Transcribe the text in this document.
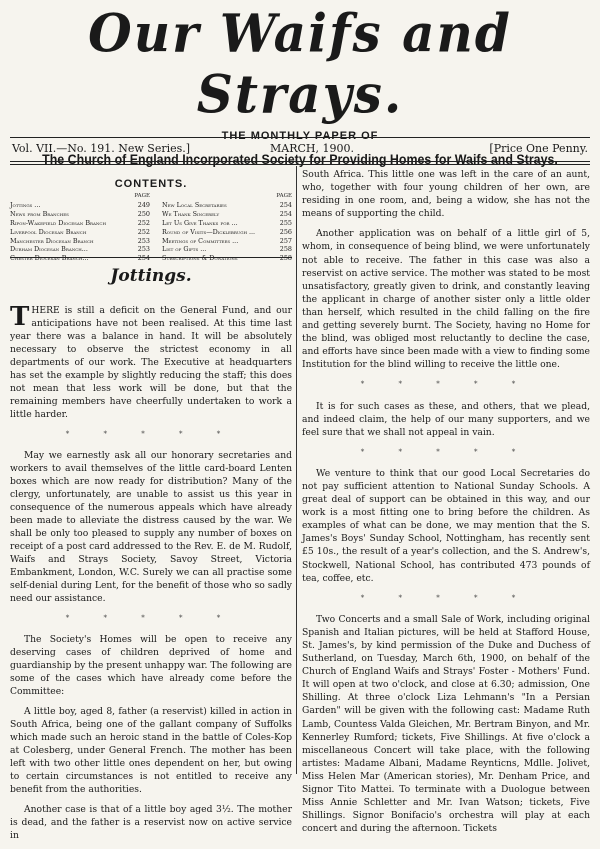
Our Waifs and Strays.
THE MONTHLY PAPER OF
The Church of England Incorporated Society for Providing Homes for Waifs and Strays.
Vol. VII.—No. 191. New Series.]	MARCH, 1900.	[Price One Penny.
CONTENTS.
PAGE
Jottings ...	249
News from Branches	250
Ripon-Wakefield Diocesan Branch	252
Liverpool Diocesan Branch	252
Manchester Diocesan Branch	253
Durham Diocesan Branch...	253
Chester Diocesan Branch...	254
PAGE
New Local Secretaries	254
We Thank Sincerely	254
Let Us Give Thanks for ...	255
Round of Visits—Dicklebrugh ...	256
Meetings of Committees ...	257
List of Gifts ...	258
Subscriptions & Donations	258
Jottings.

THERE is still a deficit on the General Fund, and our anticipations have not been realised. At this time last year there was a balance in hand. It will be absolutely necessary to observe the strictest economy in all departments of our work. The Executive at headquarters has set the example by slightly reducing the staff; this does not mean that less work will be done, but that the remaining members have cheerfully undertaken to work a little harder.

* * * * *

May we earnestly ask all our honorary secretaries and workers to avail themselves of the little card-board Lenten boxes which are now ready for distribution? Many of the clergy, unfortunately, are unable to assist us this year in consequence of the numerous appeals which have already been made to alleviate the distress caused by the war. We shall be only too pleased to supply any number of boxes on receipt of a post card addressed to the Rev. E. de M. Rudolf, Waifs and Strays Society, Savoy Street, Victoria Embankment, London, W.C. Surely we can all practise some self-denial during Lent, for the benefit of those who so sadly need our assistance.

* * * * *

The Society's Homes will be open to receive any deserving cases of children deprived of home and guardianship by the present unhappy war. The following are some of the cases which have already come before the Committee:

A little boy, aged 8, father (a reservist) killed in action in South Africa, being one of the gallant company of Suffolks which made such an heroic stand in the battle of Coles-Kop at Colesberg, under General French. The mother has been left with two other little ones dependent on her, but owing to certain circumstances is not entitled to receive any benefit from the authorities.

Another case is that of a little boy aged 3½. The mother is dead, and the father is a reservist now on active service in

South Africa. This little one was left in the care of an aunt, who, together with four young children of her own, are residing in one room, and, being a widow, she has not the means of supporting the child.

Another application was on behalf of a little girl of 5, whom, in consequence of being blind, we were unfortunately not able to receive. The father in this case was also a reservist on active service. The mother was stated to be most unsatisfactory, greatly given to drink, and constantly leaving the applicant in charge of another sister only a little older than herself, which resulted in the child falling on the fire and getting severely burnt. The Society, having no Home for the blind, was obliged most reluctantly to decline the case, and efforts have since been made with a view to finding some Institution for the blind willing to receive the little one.

* * * * *

It is for such cases as these, and others, that we plead, and indeed claim, the help of our many supporters, and we feel sure that we shall not appeal in vain.

* * * * *

We venture to think that our good Local Secretaries do not pay sufficient attention to National Sunday Schools. A great deal of support can be obtained in this way, and our work is a most fitting one to bring before the children. As examples of what can be done, we may mention that the S. James's Boys' Sunday School, Nottingham, has recently sent £5 10s., the result of a year's collection, and the S. Andrew's, Stockwell, National School, has contributed 473 pounds of tea, coffee, etc.

* * * * *

Two Concerts and a small Sale of Work, including original Spanish and Italian pictures, will be held at Stafford House, St. James's, by kind permission of the Duke and Duchess of Sutherland, on Tuesday, March 6th, 1900, on behalf of the Church of England Waifs and Strays' Foster - Mothers' Fund. It will open at two o'clock, and close at 6.30; admission, One Shilling. At three o'clock Liza Lehmann's "In a Persian Garden" will be given with the following cast: Madame Ruth Lamb, Countess Valda Gleichen, Mr. Bertram Binyon, and Mr. Kennerley Rumford; tickets, Five Shillings. At five o'clock a miscellaneous Concert will take place, with the following artistes: Madame Albani, Madame Reynticns, Mdlle. Jolivet, Miss Helen Mar (American stories), Mr. Denham Price, and Signor Tito Mattei. To terminate with a Duologue between Miss Annie Schletter and Mr. Ivan Watson; tickets, Five Shillings. Signor Bonifacio's orchestra will play at each concert and during the afternoon. Tickets
